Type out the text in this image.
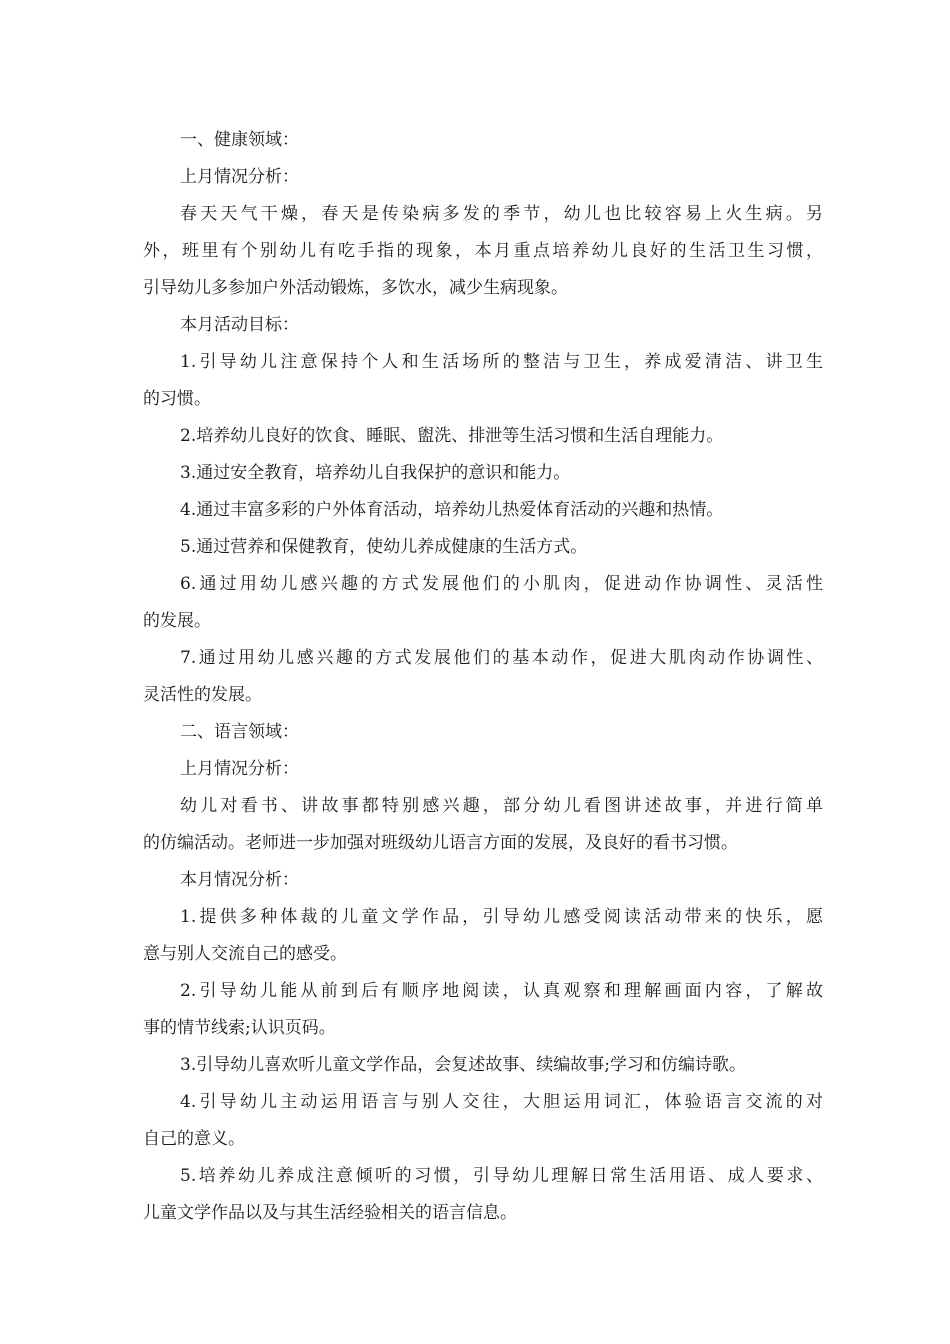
一、健康领域：
上月情况分析：
春天天气干燥，春天是传染病多发的季节，幼儿也比较容易上火生病。另
外，班里有个别幼儿有吃手指的现象，本月重点培养幼儿良好的生活卫生习惯，
引导幼儿多参加户外活动锻炼，多饮水，减少生病现象。
本月活动目标：
1.引导幼儿注意保持个人和生活场所的整洁与卫生，养成爱清洁、讲卫生
的习惯。
2.培养幼儿良好的饮食、睡眠、盥洗、排泄等生活习惯和生活自理能力。
3.通过安全教育，培养幼儿自我保护的意识和能力。
4.通过丰富多彩的户外体育活动，培养幼儿热爱体育活动的兴趣和热情。
5.通过营养和保健教育，使幼儿养成健康的生活方式。
6.通过用幼儿感兴趣的方式发展他们的小肌肉，促进动作协调性、灵活性
的发展。
7.通过用幼儿感兴趣的方式发展他们的基本动作，促进大肌肉动作协调性、
灵活性的发展。
二、语言领域：
上月情况分析：
幼儿对看书、讲故事都特别感兴趣，部分幼儿看图讲述故事，并进行简单
的仿编活动。老师进一步加强对班级幼儿语言方面的发展，及良好的看书习惯。
本月情况分析：
1.提供多种体裁的儿童文学作品，引导幼儿感受阅读活动带来的快乐，愿
意与别人交流自己的感受。
2.引导幼儿能从前到后有顺序地阅读，认真观察和理解画面内容，了解故
事的情节线索;认识页码。
3.引导幼儿喜欢听儿童文学作品，会复述故事、续编故事;学习和仿编诗歌。
4.引导幼儿主动运用语言与别人交往，大胆运用词汇，体验语言交流的对
自己的意义。
5.培养幼儿养成注意倾听的习惯，引导幼儿理解日常生活用语、成人要求、
儿童文学作品以及与其生活经验相关的语言信息。
